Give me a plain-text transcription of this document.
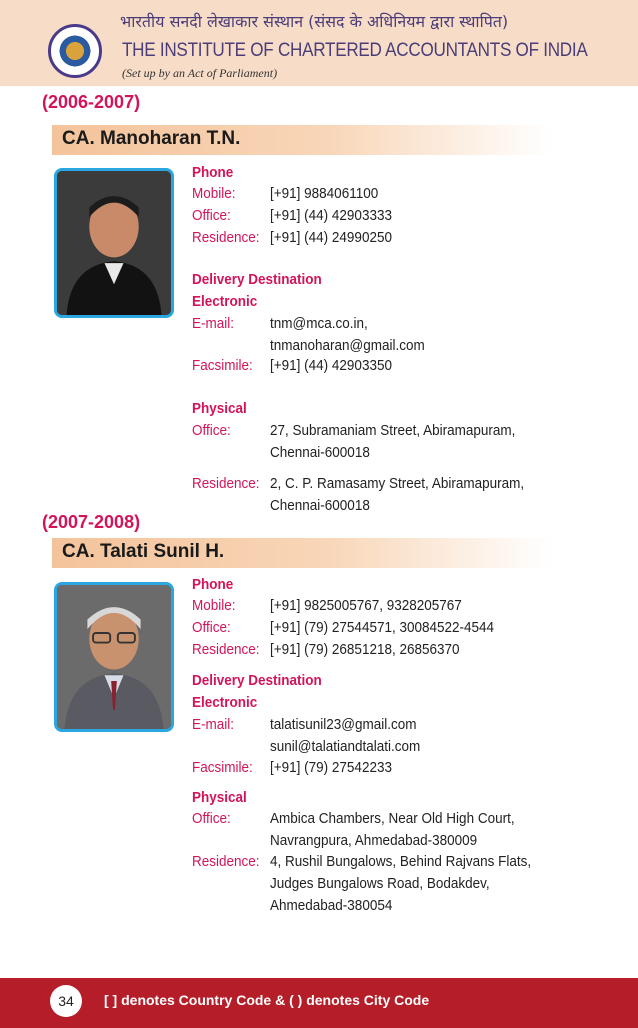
भारतीय सनदी लेखाकार संस्थान (संसद के अधिनियम द्वारा स्थापित)
THE INSTITUTE OF CHARTERED ACCOUNTANTS OF INDIA
(Set up by an Act of Parliament)
(2006-2007)
CA. Manoharan T.N.
Phone
Mobile: [+91] 9884061100
Office:	[+91] (44) 42903333
Residence: [+91] (44) 24990250
Delivery Destination
Electronic
E-mail: tnm@mca.co.in,
tnmanoharan@gmail.com
Facsimile: [+91] (44) 42903350
Physical
Office:	27, Subramaniam Street, Abiramapuram,
Chennai-600018
Residence: 2, C. P. Ramasamy Street, Abiramapuram,
Chennai-600018
(2007-2008)
CA. Talati Sunil H.
Phone
Mobile: [+91] 9825005767, 9328205767
Office:	[+91] (79) 27544571, 30084522-4544
Residence: [+91] (79) 26851218, 26856370
Delivery Destination
Electronic
E-mail: talatisunil23@gmail.com
sunil@talatiandtalati.com
Facsimile: [+91] (79) 27542233
Physical
Office:	Ambica Chambers, Near Old High Court,
Navrangpura, Ahmedabad-380009
Residence: 4, Rushil Bungalows, Behind Rajvans Flats,
Judges Bungalows Road, Bodakdev,
Ahmedabad-380054
34	[ ] denotes Country Code & ( ) denotes City Code
